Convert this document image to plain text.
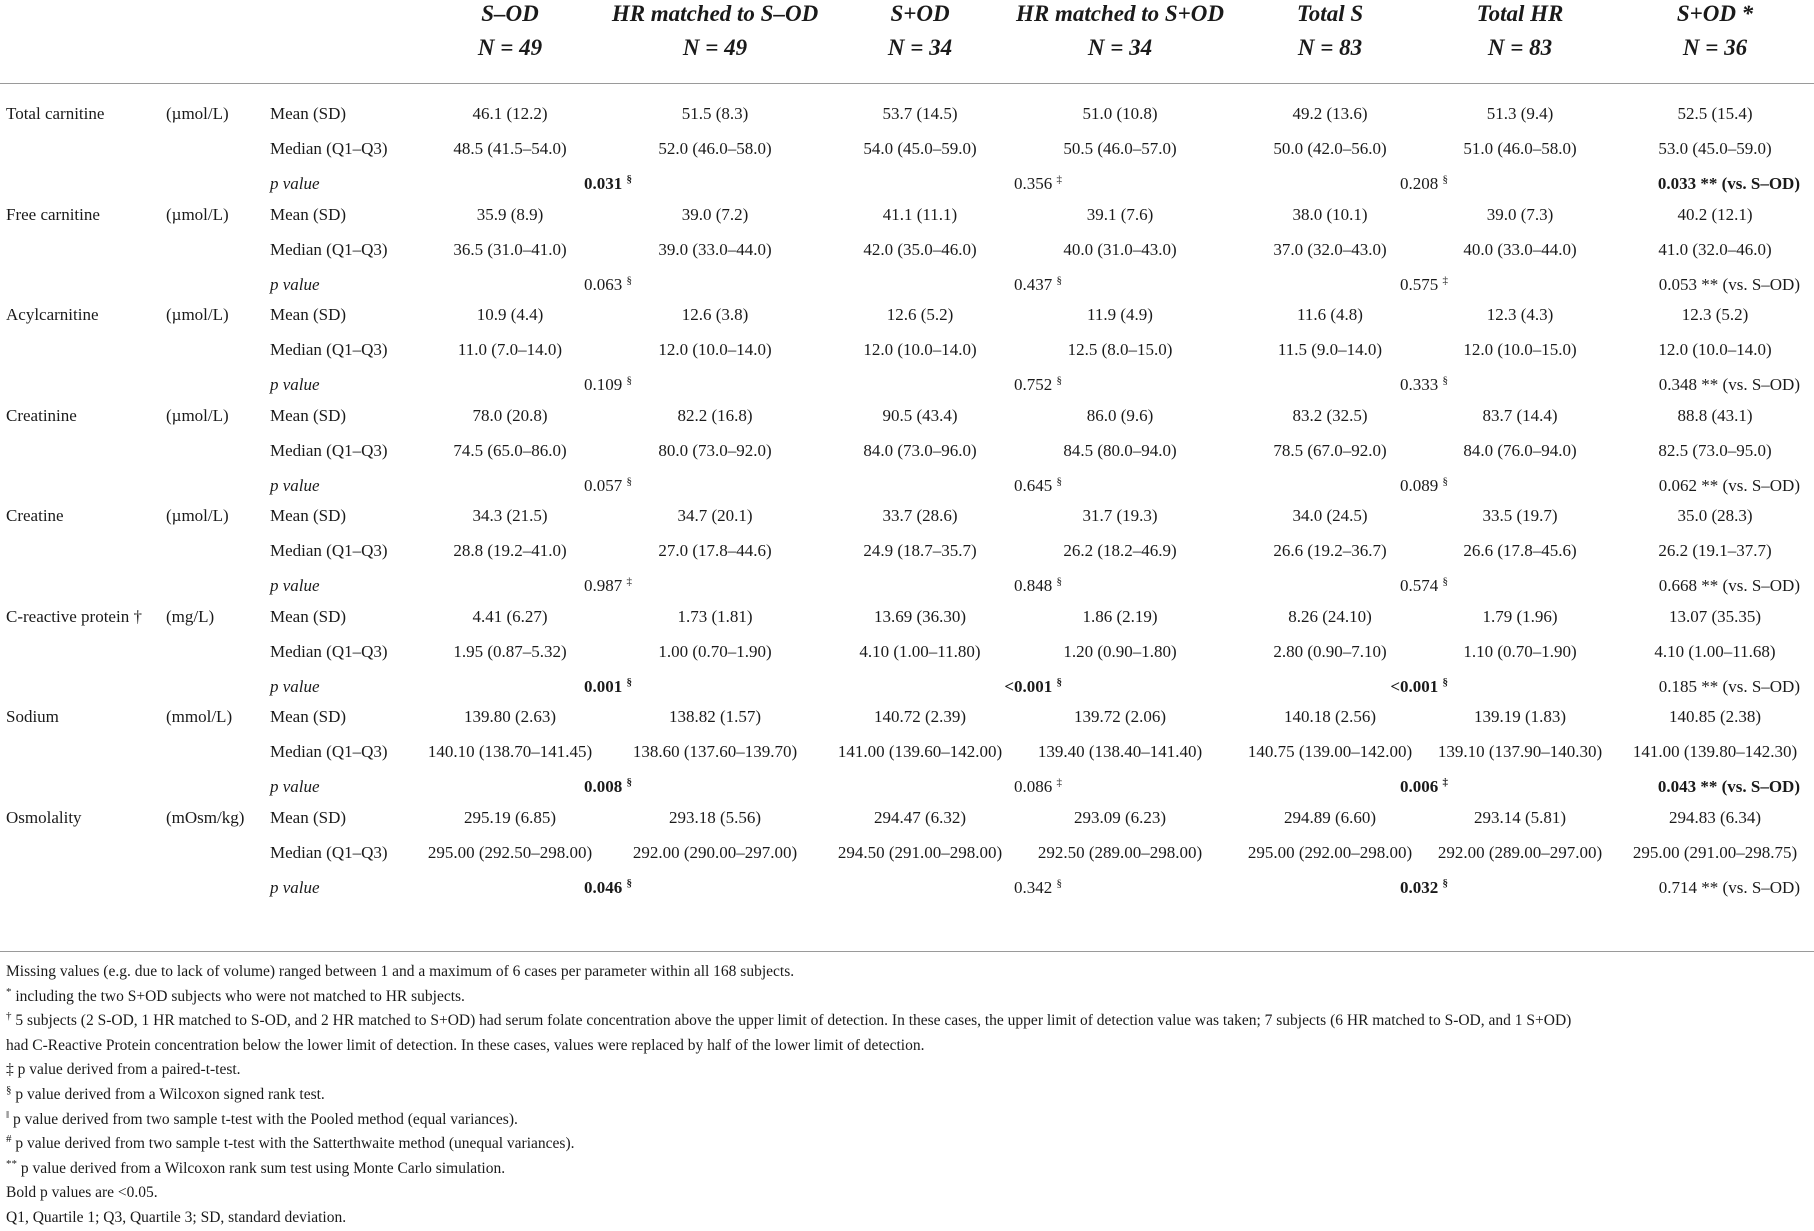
S–OD
N = 49
HR matched to S–OD
N = 49
S+OD
N = 34
HR matched to S+OD
N = 34
Total S
N = 83
Total HR
N = 83
S+OD *
N = 36
Total carnitine	(µmol/L) Mean (SD)	46.1 (12.2)	51.5 (8.3)	53.7 (14.5)	51.0 (10.8)	49.2 (13.6)	51.3 (9.4)	52.5 (15.4)
Median (Q1–Q3)	48.5 (41.5–54.0)	52.0 (46.0–58.0)	54.0 (45.0–59.0)	50.5 (46.0–57.0)	50.0 (42.0–56.0)	51.0 (46.0–58.0)	53.0 (45.0–59.0)
p value	0.031 §	0.356 ‡	0.208 §	0.033 ** (vs. S–OD)
Free carnitine	(µmol/L) Mean (SD)	35.9 (8.9)	39.0 (7.2)	41.1 (11.1)	39.1 (7.6)	38.0 (10.1)	39.0 (7.3)	40.2 (12.1)
Median (Q1–Q3)	36.5 (31.0–41.0)	39.0 (33.0–44.0)	42.0 (35.0–46.0)	40.0 (31.0–43.0)	37.0 (32.0–43.0)	40.0 (33.0–44.0)	41.0 (32.0–46.0)
p value	0.063 §	0.437 §	0.575 ‡	0.053 ** (vs. S–OD)
Acylcarnitine	(µmol/L) Mean (SD)	10.9 (4.4)	12.6 (3.8)	12.6 (5.2)	11.9 (4.9)	11.6 (4.8)	12.3 (4.3)	12.3 (5.2)
Median (Q1–Q3)	11.0 (7.0–14.0)	12.0 (10.0–14.0)	12.0 (10.0–14.0)	12.5 (8.0–15.0)	11.5 (9.0–14.0)	12.0 (10.0–15.0)	12.0 (10.0–14.0)
p value	0.109 §	0.752 §	0.333 §	0.348 ** (vs. S–OD)
Creatinine	(µmol/L) Mean (SD)	78.0 (20.8)	82.2 (16.8)	90.5 (43.4)	86.0 (9.6)	83.2 (32.5)	83.7 (14.4)	88.8 (43.1)
Median (Q1–Q3)	74.5 (65.0–86.0)	80.0 (73.0–92.0)	84.0 (73.0–96.0)	84.5 (80.0–94.0)	78.5 (67.0–92.0)	84.0 (76.0–94.0)	82.5 (73.0–95.0)
p value	0.057 §	0.645 §	0.089 §	0.062 ** (vs. S–OD)
Creatine	(µmol/L) Mean (SD)	34.3 (21.5)	34.7 (20.1)	33.7 (28.6)	31.7 (19.3)	34.0 (24.5)	33.5 (19.7)	35.0 (28.3)
Median (Q1–Q3)	28.8 (19.2–41.0)	27.0 (17.8–44.6)	24.9 (18.7–35.7)	26.2 (18.2–46.9)	26.6 (19.2–36.7)	26.6 (17.8–45.6)	26.2 (19.1–37.7)
p value	0.987 ‡	0.848 §	0.574 §	0.668 ** (vs. S–OD)
C-reactive protein † (mg/L)	Mean (SD)	4.41 (6.27)	1.73 (1.81)	13.69 (36.30)	1.86 (2.19)	8.26 (24.10)	1.79 (1.96)	13.07 (35.35)
Median (Q1–Q3)	1.95 (0.87–5.32)	1.00 (0.70–1.90)	4.10 (1.00–11.80)	1.20 (0.90–1.80)	2.80 (0.90–7.10)	1.10 (0.70–1.90)	4.10 (1.00–11.68)
p value	0.001 §	<0.001 §	<0.001 §	0.185 ** (vs. S–OD)
Sodium	(mmol/L) Mean (SD)	139.80 (2.63)	138.82 (1.57)	140.72 (2.39)	139.72 (2.06)	140.18 (2.56)	139.19 (1.83)	140.85 (2.38)
Median (Q1–Q3)	140.10 (138.70–141.45)	138.60 (137.60–139.70)	141.00 (139.60–142.00)	139.40 (138.40–141.40)	140.75 (139.00–142.00)	139.10 (137.90–140.30)	141.00 (139.80–142.30)
p value	0.008 §	0.086 ‡	0.006 ‡	0.043 ** (vs. S–OD)
Osmolality	(mOsm/kg) Mean (SD)	295.19 (6.85)	293.18 (5.56)	294.47 (6.32)	293.09 (6.23)	294.89 (6.60)	293.14 (5.81)	294.83 (6.34)
Median (Q1–Q3)	295.00 (292.50–298.00)	292.00 (290.00–297.00)	294.50 (291.00–298.00)	292.50 (289.00–298.00)	295.00 (292.00–298.00)	292.00 (289.00–297.00)	295.00 (291.00–298.75)
p value	0.046 §	0.342 §	0.032 §	0.714 ** (vs. S–OD)
Missing values (e.g. due to lack of volume) ranged between 1 and a maximum of 6 cases per parameter within all 168 subjects.
* including the two S+OD subjects who were not matched to HR subjects.
† 5 subjects (2 S-OD, 1 HR matched to S-OD, and 2 HR matched to S+OD) had serum folate concentration above the upper limit of detection. In these cases, the upper limit of detection value was taken; 7 subjects (6 HR matched to S-OD, and 1 S+OD)
had C-Reactive Protein concentration below the lower limit of detection. In these cases, values were replaced by half of the lower limit of detection.
‡ p value derived from a paired-t-test.
§ p value derived from a Wilcoxon signed rank test.
‖ p value derived from two sample t-test with the Pooled method (equal variances).
# p value derived from two sample t-test with the Satterthwaite method (unequal variances).
** p value derived from a Wilcoxon rank sum test using Monte Carlo simulation.
Bold p values are <0.05.
Q1, Quartile 1; Q3, Quartile 3; SD, standard deviation.
